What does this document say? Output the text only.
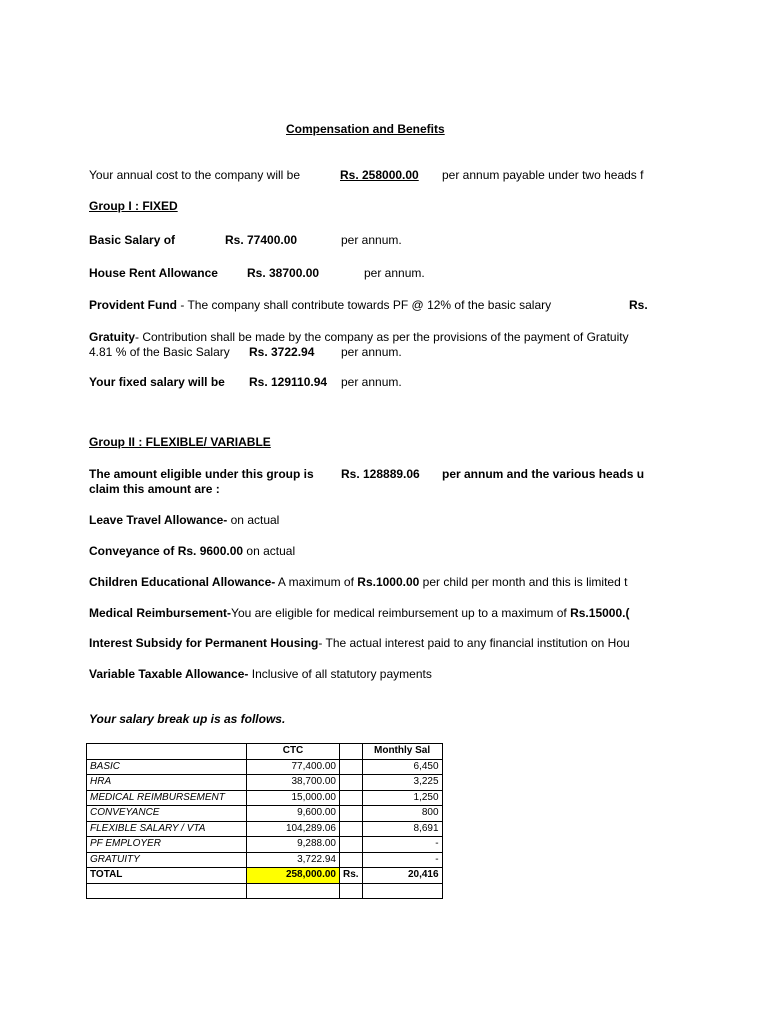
Compensation and Benefits
Your annual cost to the company will be	Rs. 258000.00 per annum payable under two heads f
Group I : FIXED
Basic Salary of	Rs. 77400.00	per annum.
House Rent Allowance Rs. 38700.00	per annum.
Provident Fund - The company shall contribute towards PF @ 12% of the basic salary	Rs.
Gratuity- Contribution shall be made by the company as per the provisions of the payment of Gratuity
4.81 % of the Basic Salary Rs. 3722.94 per annum.
Your fixed salary will be Rs. 129110.94 per annum.
Group II : FLEXIBLE/ VARIABLE
The amount eligible under this group is Rs. 128889.06 per annum and the various heads u
claim this amount are :
Leave Travel Allowance- on actual
Conveyance of Rs. 9600.00 on actual
Children Educational Allowance- A maximum of Rs.1000.00 per child per month and this is limited t
Medical Reimbursement-You are eligible for medical reimbursement up to a maximum of Rs.15000.(
Interest Subsidy for Permanent Housing- The actual interest paid to any financial institution on Hou
Variable Taxable Allowance- Inclusive of all statutory payments
Your salary break up is as follows.
	CTC		Monthly Sal
BASIC	77,400.00		6,450
HRA	38,700.00		3,225
MEDICAL REIMBURSEMENT	15,000.00		1,250
CONVEYANCE	9,600.00		800
FLEXIBLE SALARY / VTA	104,289.06		8,691
PF EMPLOYER	9,288.00		-
GRATUITY	3,722.94		-
TOTAL	258,000.00	Rs.	20,416
